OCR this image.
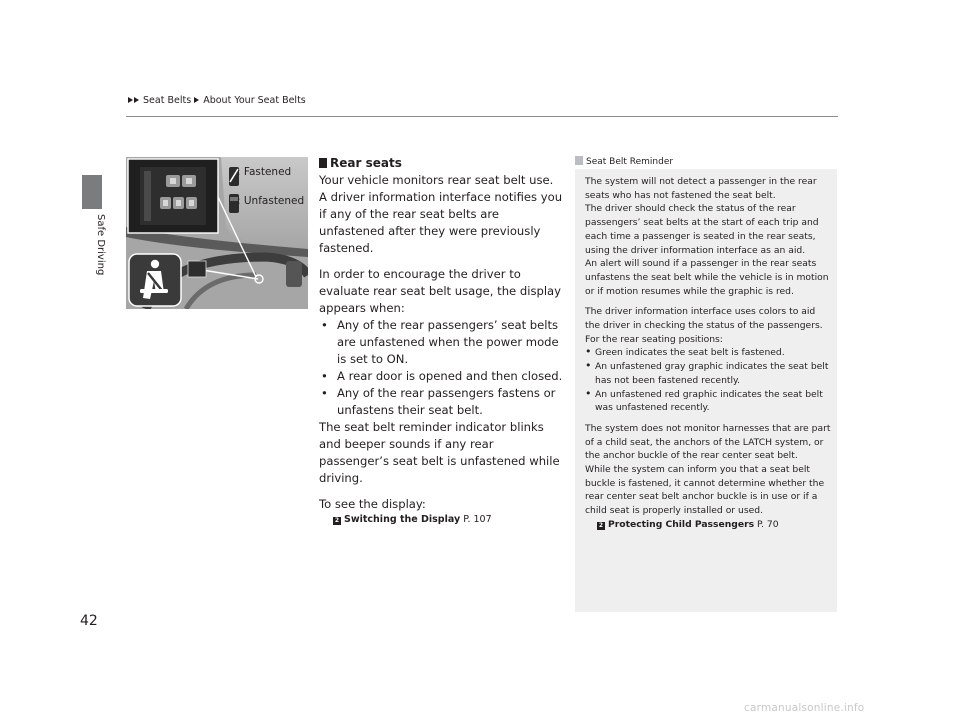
Seat Belts About Your Seat Belts
Safe Driving
42
: Fastened
: Unfastened
Rear seats

Your vehicle monitors rear seat belt use.

A driver information interface notifies you if any of the rear seat belts are unfastened after they were previously fastened.

In order to encourage the driver to evaluate rear seat belt usage, the display appears when:

• Any of the rear passengers’ seat belts are unfastened when the power mode is set to ON.
• A rear door is opened and then closed.
• Any of the rear passengers fastens or unfastens their seat belt.

The seat belt reminder indicator blinks and beeper sounds if any rear passenger’s seat belt is unfastened while driving.

To see the display:

2 Switching the Display P. 107
Seat Belt Reminder

The system will not detect a passenger in the rear seats who has not fastened the seat belt.

The driver should check the status of the rear passengers’ seat belts at the start of each trip and each time a passenger is seated in the rear seats, using the driver information interface as an aid.

An alert will sound if a passenger in the rear seats unfastens the seat belt while the vehicle is in motion or if motion resumes while the graphic is red.

The driver information interface uses colors to aid the driver in checking the status of the passengers.

For the rear seating positions:

• Green indicates the seat belt is fastened.
• An unfastened gray graphic indicates the seat belt has not been fastened recently.
• An unfastened red graphic indicates the seat belt was unfastened recently.

The system does not monitor harnesses that are part of a child seat, the anchors of the LATCH system, or the anchor buckle of the rear center seat belt.

While the system can inform you that a seat belt buckle is fastened, it cannot determine whether the rear center seat belt anchor buckle is in use or if a child seat is properly installed or used.

2 Protecting Child Passengers P. 70
carmanualsonline.info
